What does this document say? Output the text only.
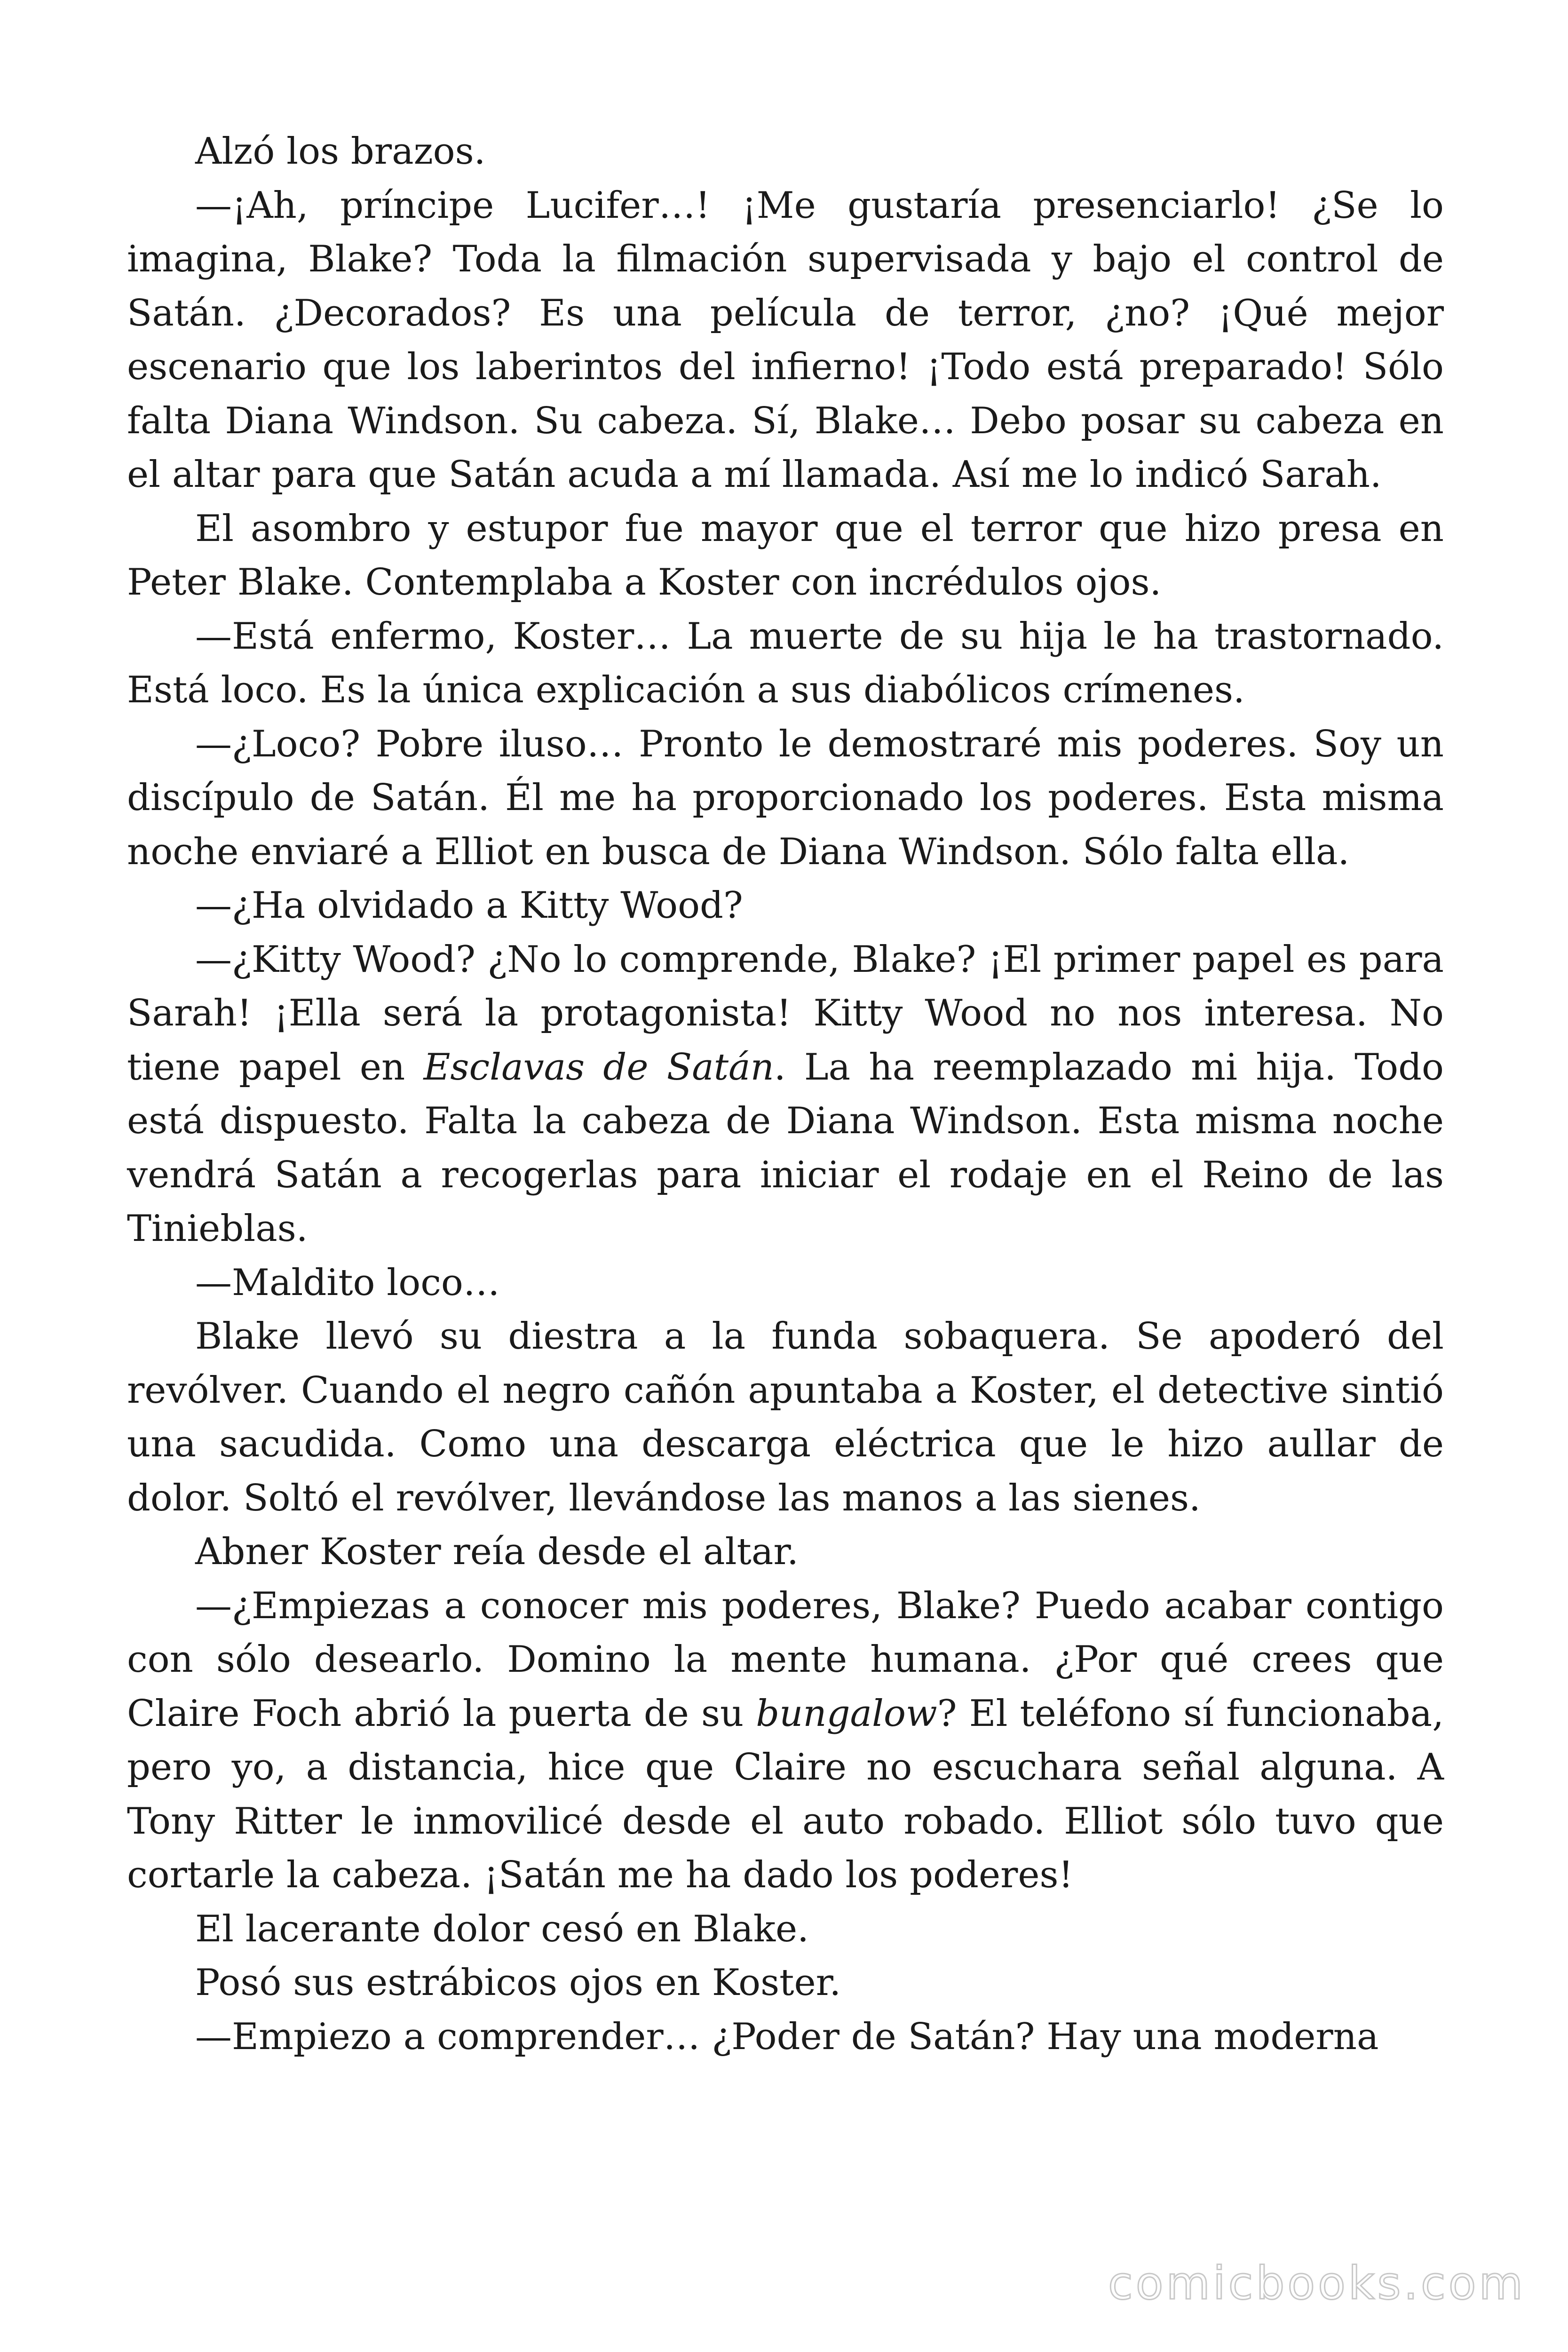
Alzó los brazos.

—¡Ah, príncipe Lucifer…! ¡Me gustaría presenciarlo! ¿Se lo imagina, Blake? Toda la filmación supervisada y bajo el control de Satán. ¿Decorados? Es una película de terror, ¿no? ¡Qué mejor escenario que los laberintos del infierno! ¡Todo está preparado! Sólo falta Diana Windson. Su cabeza. Sí, Blake… Debo posar su cabeza en el altar para que Satán acuda a mí llamada. Así me lo indicó Sarah.

El asombro y estupor fue mayor que el terror que hizo presa en Peter Blake. Contemplaba a Koster con incrédulos ojos.

—Está enfermo, Koster… La muerte de su hija le ha trastornado. Está loco. Es la única explicación a sus diabólicos crímenes.

—¿Loco? Pobre iluso… Pronto le demostraré mis poderes. Soy un discípulo de Satán. Él me ha proporcionado los poderes. Esta misma noche enviaré a Elliot en busca de Diana Windson. Sólo falta ella.

—¿Ha olvidado a Kitty Wood?

—¿Kitty Wood? ¿No lo comprende, Blake? ¡El primer papel es para Sarah! ¡Ella será la protagonista! Kitty Wood no nos interesa. No tiene papel en Esclavas de Satán. La ha reemplazado mi hija. Todo está dispuesto. Falta la cabeza de Diana Windson. Esta misma noche vendrá Satán a recogerlas para iniciar el rodaje en el Reino de las Tinieblas.

—Maldito loco…

Blake llevó su diestra a la funda sobaquera. Se apoderó del revólver. Cuando el negro cañón apuntaba a Koster, el detective sintió una sacudida. Como una descarga eléctrica que le hizo aullar de dolor. Soltó el revólver, llevándose las manos a las sienes.

Abner Koster reía desde el altar.

—¿Empiezas a conocer mis poderes, Blake? Puedo acabar contigo con sólo desearlo. Domino la mente humana. ¿Por qué crees que Claire Foch abrió la puerta de su bungalow? El teléfono sí funcionaba, pero yo, a distancia, hice que Claire no escuchara señal alguna. A Tony Ritter le inmovilicé desde el auto robado. Elliot sólo tuvo que cortarle la cabeza. ¡Satán me ha dado los poderes!

El lacerante dolor cesó en Blake.

Posó sus estrábicos ojos en Koster.

—Empiezo a comprender… ¿Poder de Satán? Hay una moderna

comicbooks.com
